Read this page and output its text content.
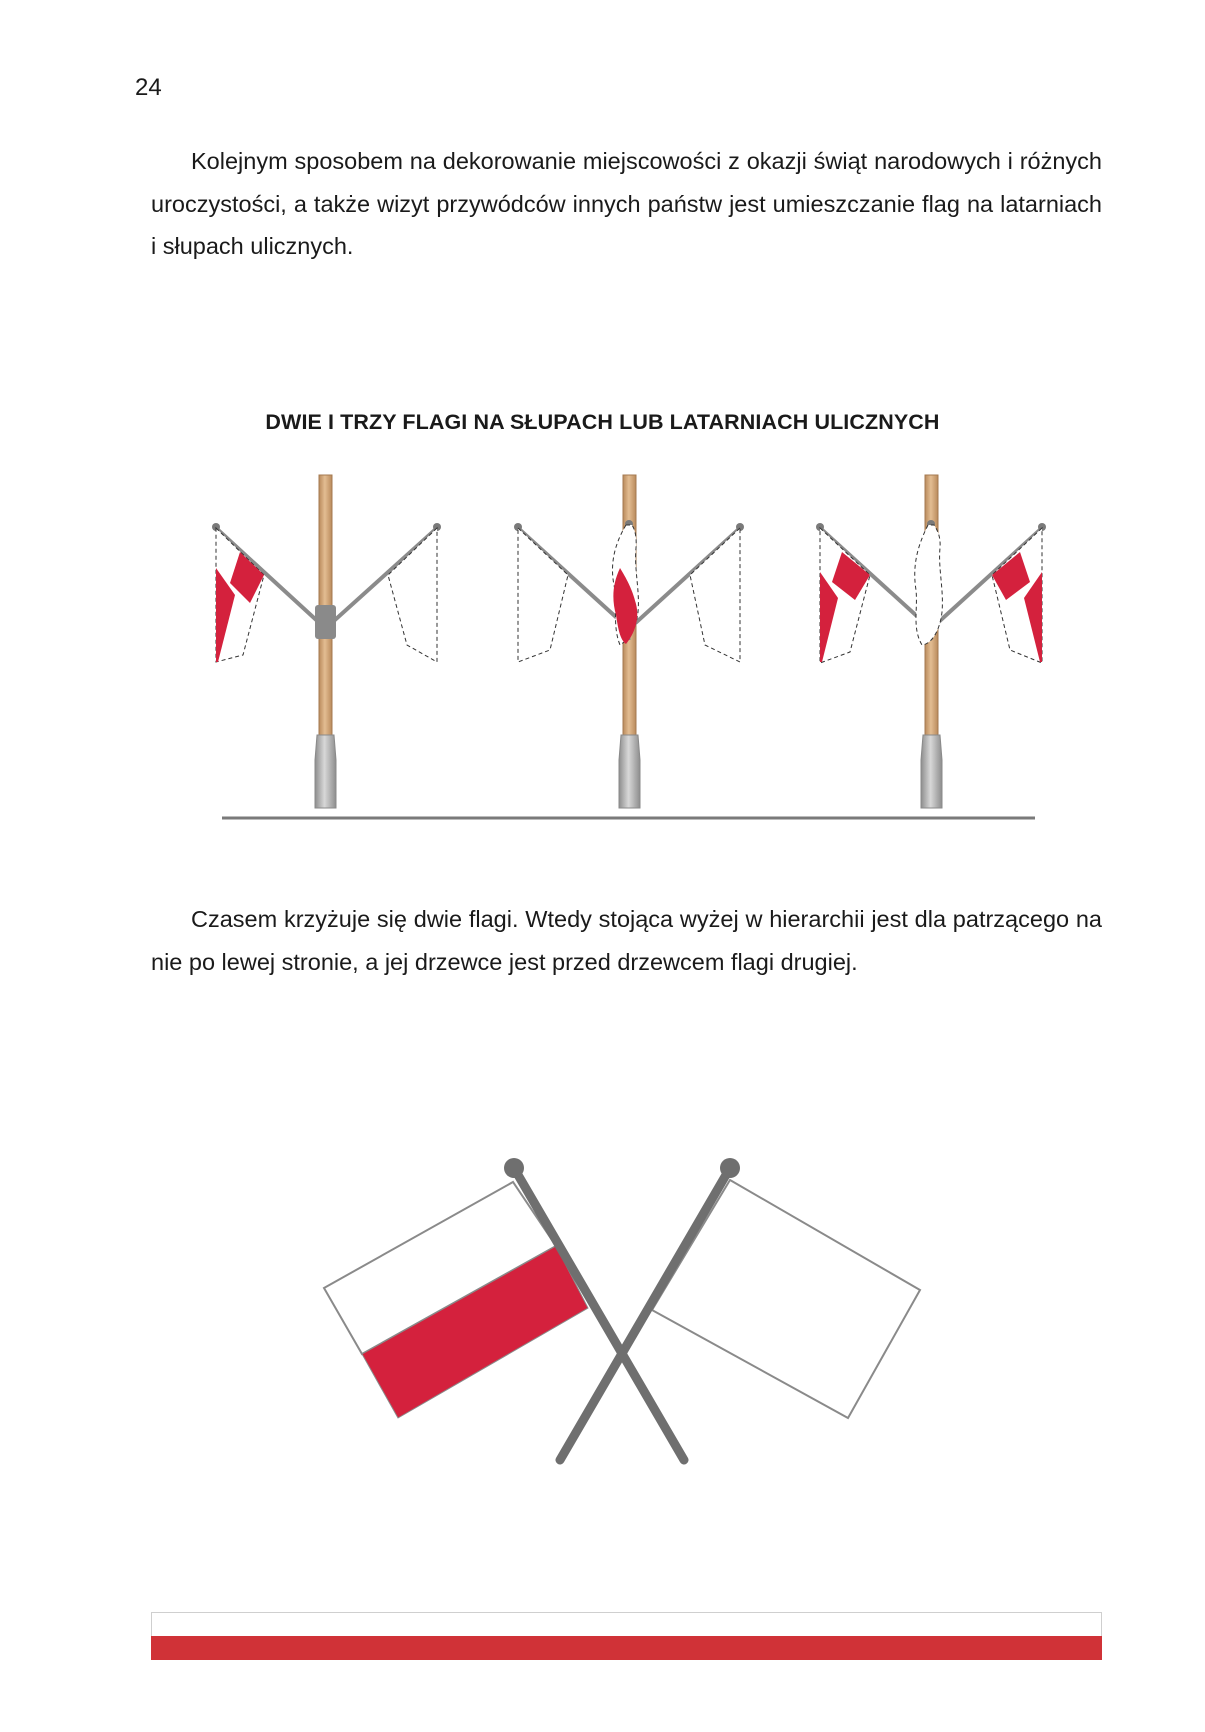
24

Kolejnym sposobem na dekorowanie miejscowości z okazji świąt narodowych i różnych uroczystości, a także wizyt przywódców innych państw jest umieszczanie flag na latarniach i słupach ulicznych.

DWIE I TRZY FLAGI NA SŁUPACH LUB LATARNIACH ULICZNYCH

Czasem krzyżuje się dwie flagi. Wtedy stojąca wyżej w hierarchii jest dla patrzącego na nie po lewej stronie, a jej drzewce jest przed drzewcem flagi drugiej.
